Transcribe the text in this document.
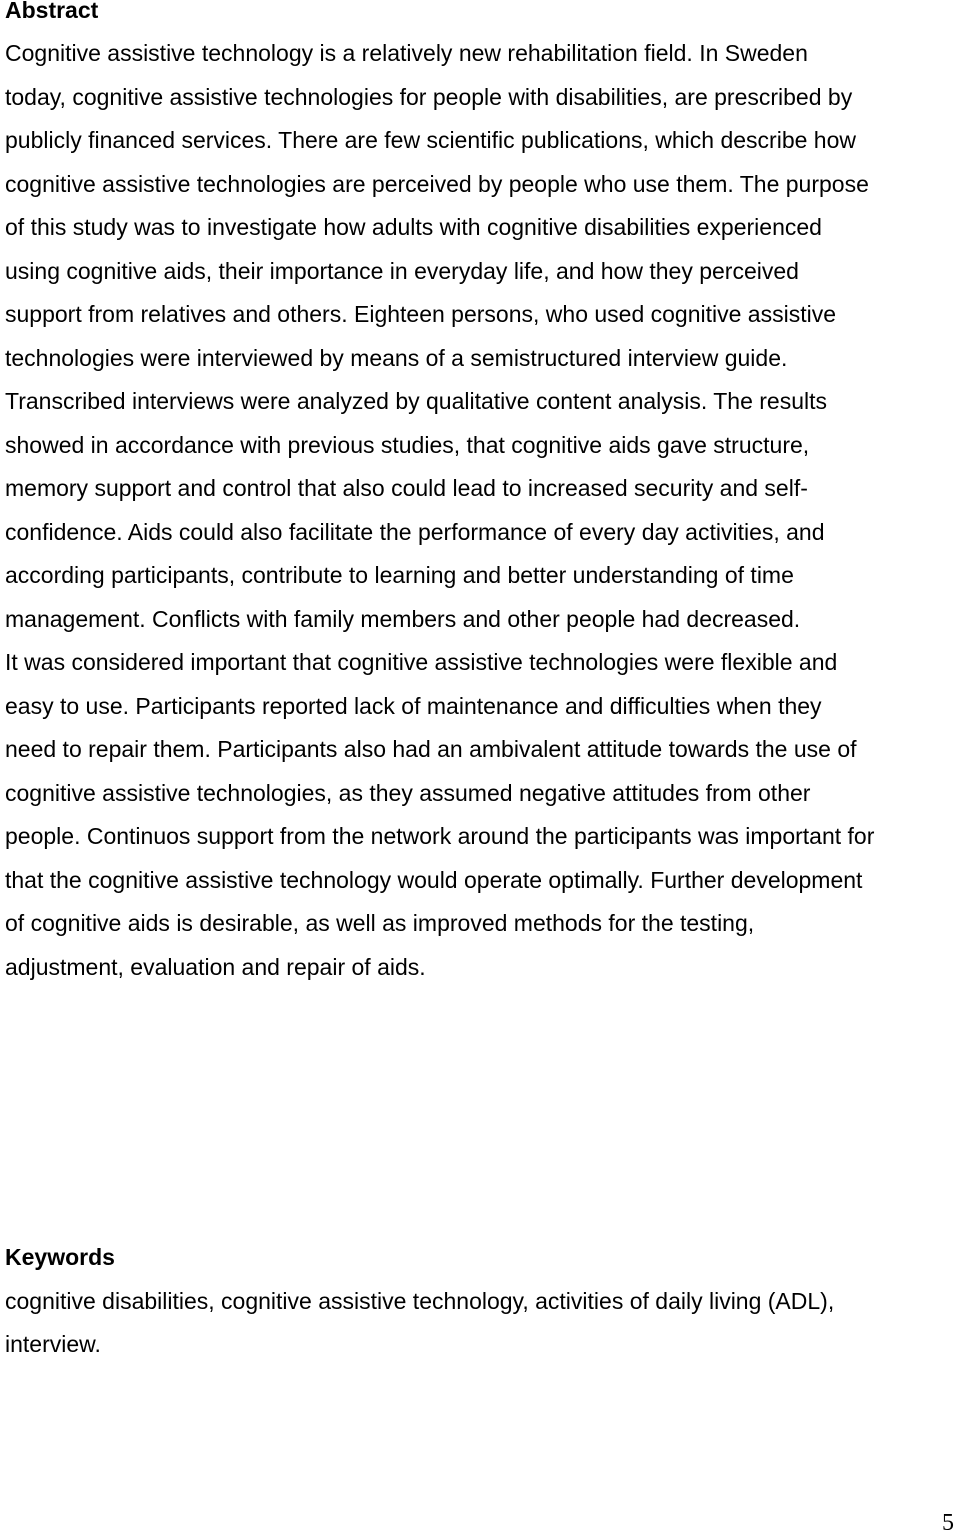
Abstract

Cognitive assistive technology is a relatively new rehabilitation field. In Sweden

today, cognitive assistive technologies for people with disabilities, are prescribed by

publicly financed services. There are few scientific publications, which describe how

cognitive assistive technologies are perceived by people who use them. The purpose

of this study was to investigate how adults with cognitive disabilities experienced

using cognitive aids, their importance in everyday life, and how they perceived

support from relatives and others. Eighteen persons, who used cognitive assistive

technologies were interviewed by means of a semistructured interview guide.

Transcribed interviews were analyzed by qualitative content analysis. The results

showed in accordance with previous studies, that cognitive aids gave structure,

memory support and control that also could lead to increased security and self-

confidence. Aids could also facilitate the performance of every day activities, and

according participants, contribute to learning and better understanding of time

management. Conflicts with family members and other people had decreased.

It was considered important that cognitive assistive technologies were flexible and

easy to use. Participants reported lack of maintenance and difficulties when they

need to repair them. Participants also had an ambivalent attitude towards the use of

cognitive assistive technologies, as they assumed negative attitudes from other

people. Continuos support from the network around the participants was important for

that the cognitive assistive technology would operate optimally. Further development

of cognitive aids is desirable, as well as improved methods for the testing,

adjustment, evaluation and repair of aids.

Keywords

cognitive disabilities, cognitive assistive technology, activities of daily living (ADL),

interview.

5
